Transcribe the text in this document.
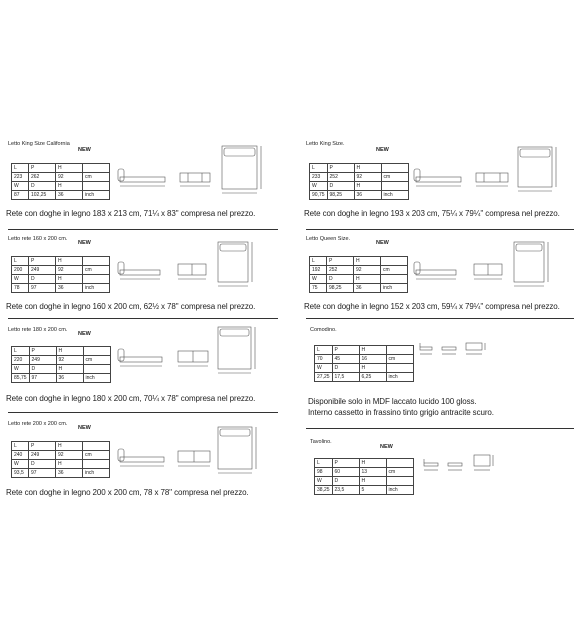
Letto King Size California
NEW
L	P	H	
223	262	92	cm
W	D	H	
87	102,25	36	inch
Rete con doghe in legno 183 x 213 cm, 71¼ x 83'' compresa nel prezzo.
Letto rete 160 x 200 cm.
NEW
L	P	H	
200	249	92	cm
W	D	H	
78	97	36	inch
Rete con doghe in legno 160 x 200 cm, 62½ x 78'' compresa nel prezzo.
Letto rete 180 x 200 cm.
NEW
L	P	H	
220	249	92	cm
W	D	H	
85,75	97	36	inch
Rete con doghe in legno 180 x 200 cm, 70¼ x 78'' compresa nel prezzo.
Letto rete 200 x 200 cm.
NEW
L	P	H	
240	249	92	cm
W	D	H	
93,5	97	36	inch
Rete con doghe in legno 200 x 200 cm, 78 x 78'' compresa nel prezzo.
Letto King Size.
NEW
L	P	H	
233	252	92	cm
W	D	H	
90,75	98,25	36	inch
Rete con doghe in legno 193 x 203 cm, 75¼ x 79¼'' compresa nel prezzo.
Letto Queen Size.
NEW
L	P	H	
192	252	92	cm
W	D	H	
75	98,25	36	inch
Rete con doghe in legno 152 x 203 cm, 59¼ x 79¼'' compresa nel prezzo.
Comodino.
L	P	H	
70	45	16	cm
W	D	H	
27,25	17,5	6,25	inch
Disponibile solo in MDF laccato lucido 100 gloss.
Interno cassetto in frassino tinto grigio antracite scuro.
Tavolino.
NEW
L	P	H	
98	60	13	cm
W	D	H	
38,25	23,5	5	inch
